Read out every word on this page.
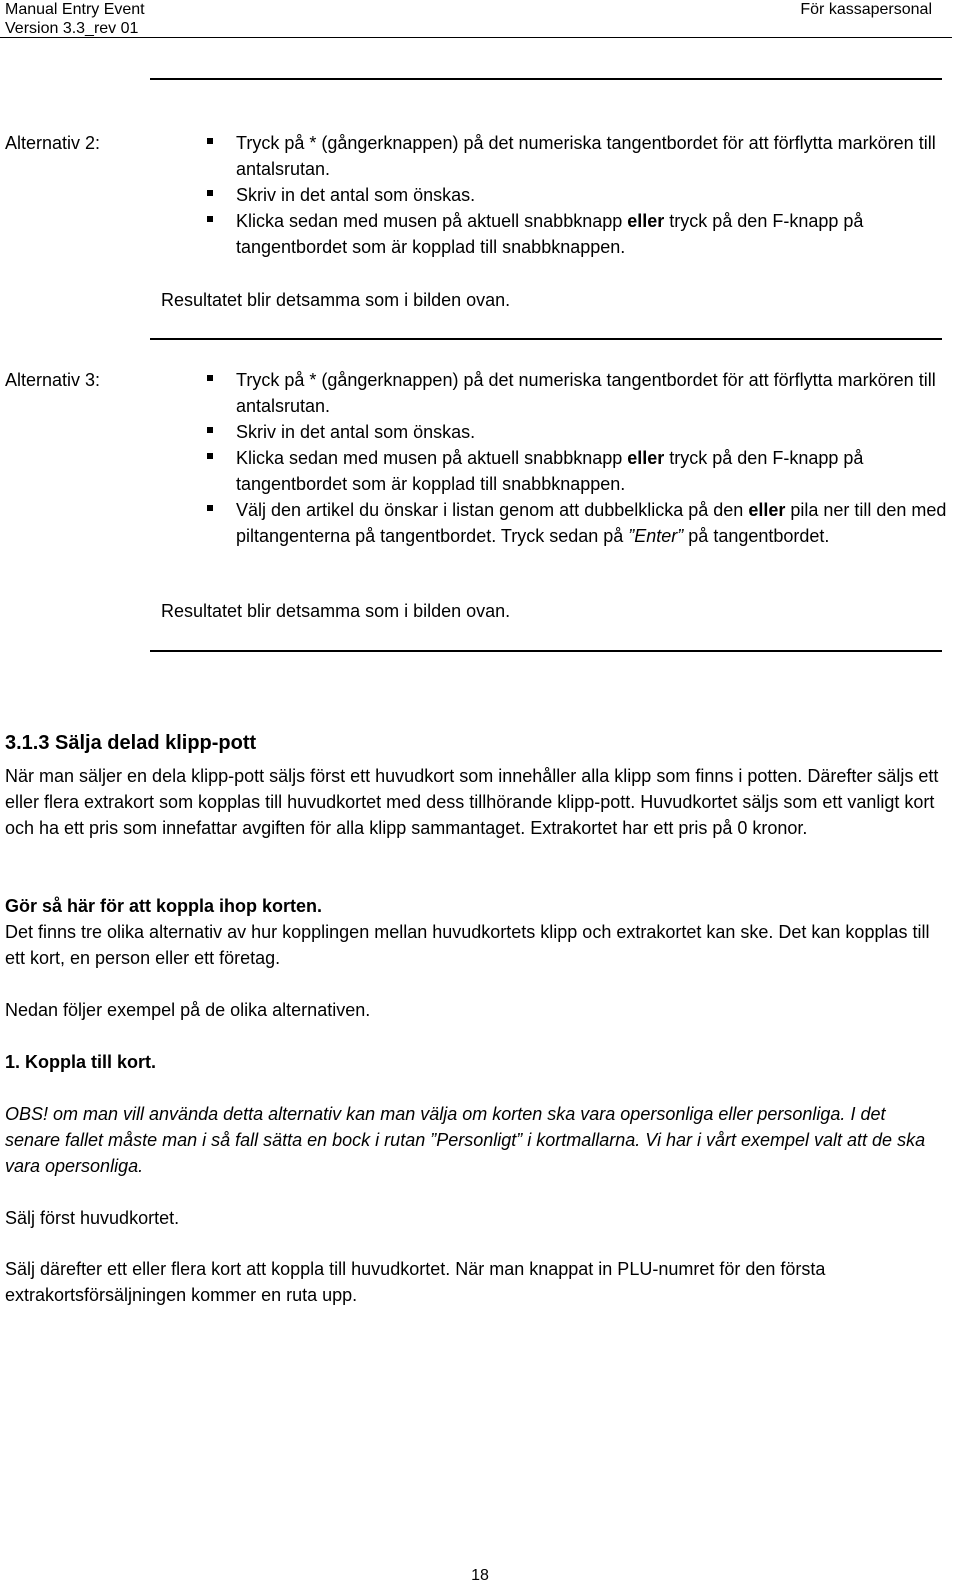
Manual Entry Event
Version 3.3_rev 01
För kassapersonal
Alternativ 2:	Tryck på * (gångerknappen) på det numeriska tangentbordet för att förflytta markören till antalsrutan.
Skriv in det antal som önskas.
Klicka sedan med musen på aktuell snabbknapp eller tryck på den F-knapp på tangentbordet som är kopplad till snabbknappen.
Resultatet blir detsamma som i bilden ovan.
Alternativ 3:	Tryck på * (gångerknappen) på det numeriska tangentbordet för att förflytta markören till antalsrutan.
Skriv in det antal som önskas.
Klicka sedan med musen på aktuell snabbknapp eller tryck på den F-knapp på tangentbordet som är kopplad till snabbknappen.
Välj den artikel du önskar i listan genom att dubbelklicka på den eller pila ner till den med piltangenterna på tangentbordet. Tryck sedan på ”Enter” på tangentbordet.
Resultatet blir detsamma som i bilden ovan.
3.1.3 Sälja delad klipp-pott
När man säljer en dela klipp-pott säljs först ett huvudkort som innehåller alla klipp som finns i potten. Därefter säljs ett eller flera extrakort som kopplas till huvudkortet med dess tillhörande klipp-pott. Huvudkortet säljs som ett vanligt kort och ha ett pris som innefattar avgiften för alla klipp sammantaget. Extrakortet har ett pris på 0 kronor.
Gör så här för att koppla ihop korten.
Det finns tre olika alternativ av hur kopplingen mellan huvudkortets klipp och extrakortet kan ske. Det kan kopplas till ett kort, en person eller ett företag.
Nedan följer exempel på de olika alternativen.
1. Koppla till kort.
OBS! om man vill använda detta alternativ kan man välja om korten ska vara opersonliga eller personliga. I det senare fallet måste man i så fall sätta en bock i rutan ”Personligt” i kortmallarna. Vi har i vårt exempel valt att de ska vara opersonliga.
Sälj först huvudkortet.
Sälj därefter ett eller flera kort att koppla till huvudkortet. När man knappat in PLU-numret för den första extrakortsförsäljningen kommer en ruta upp.
18
